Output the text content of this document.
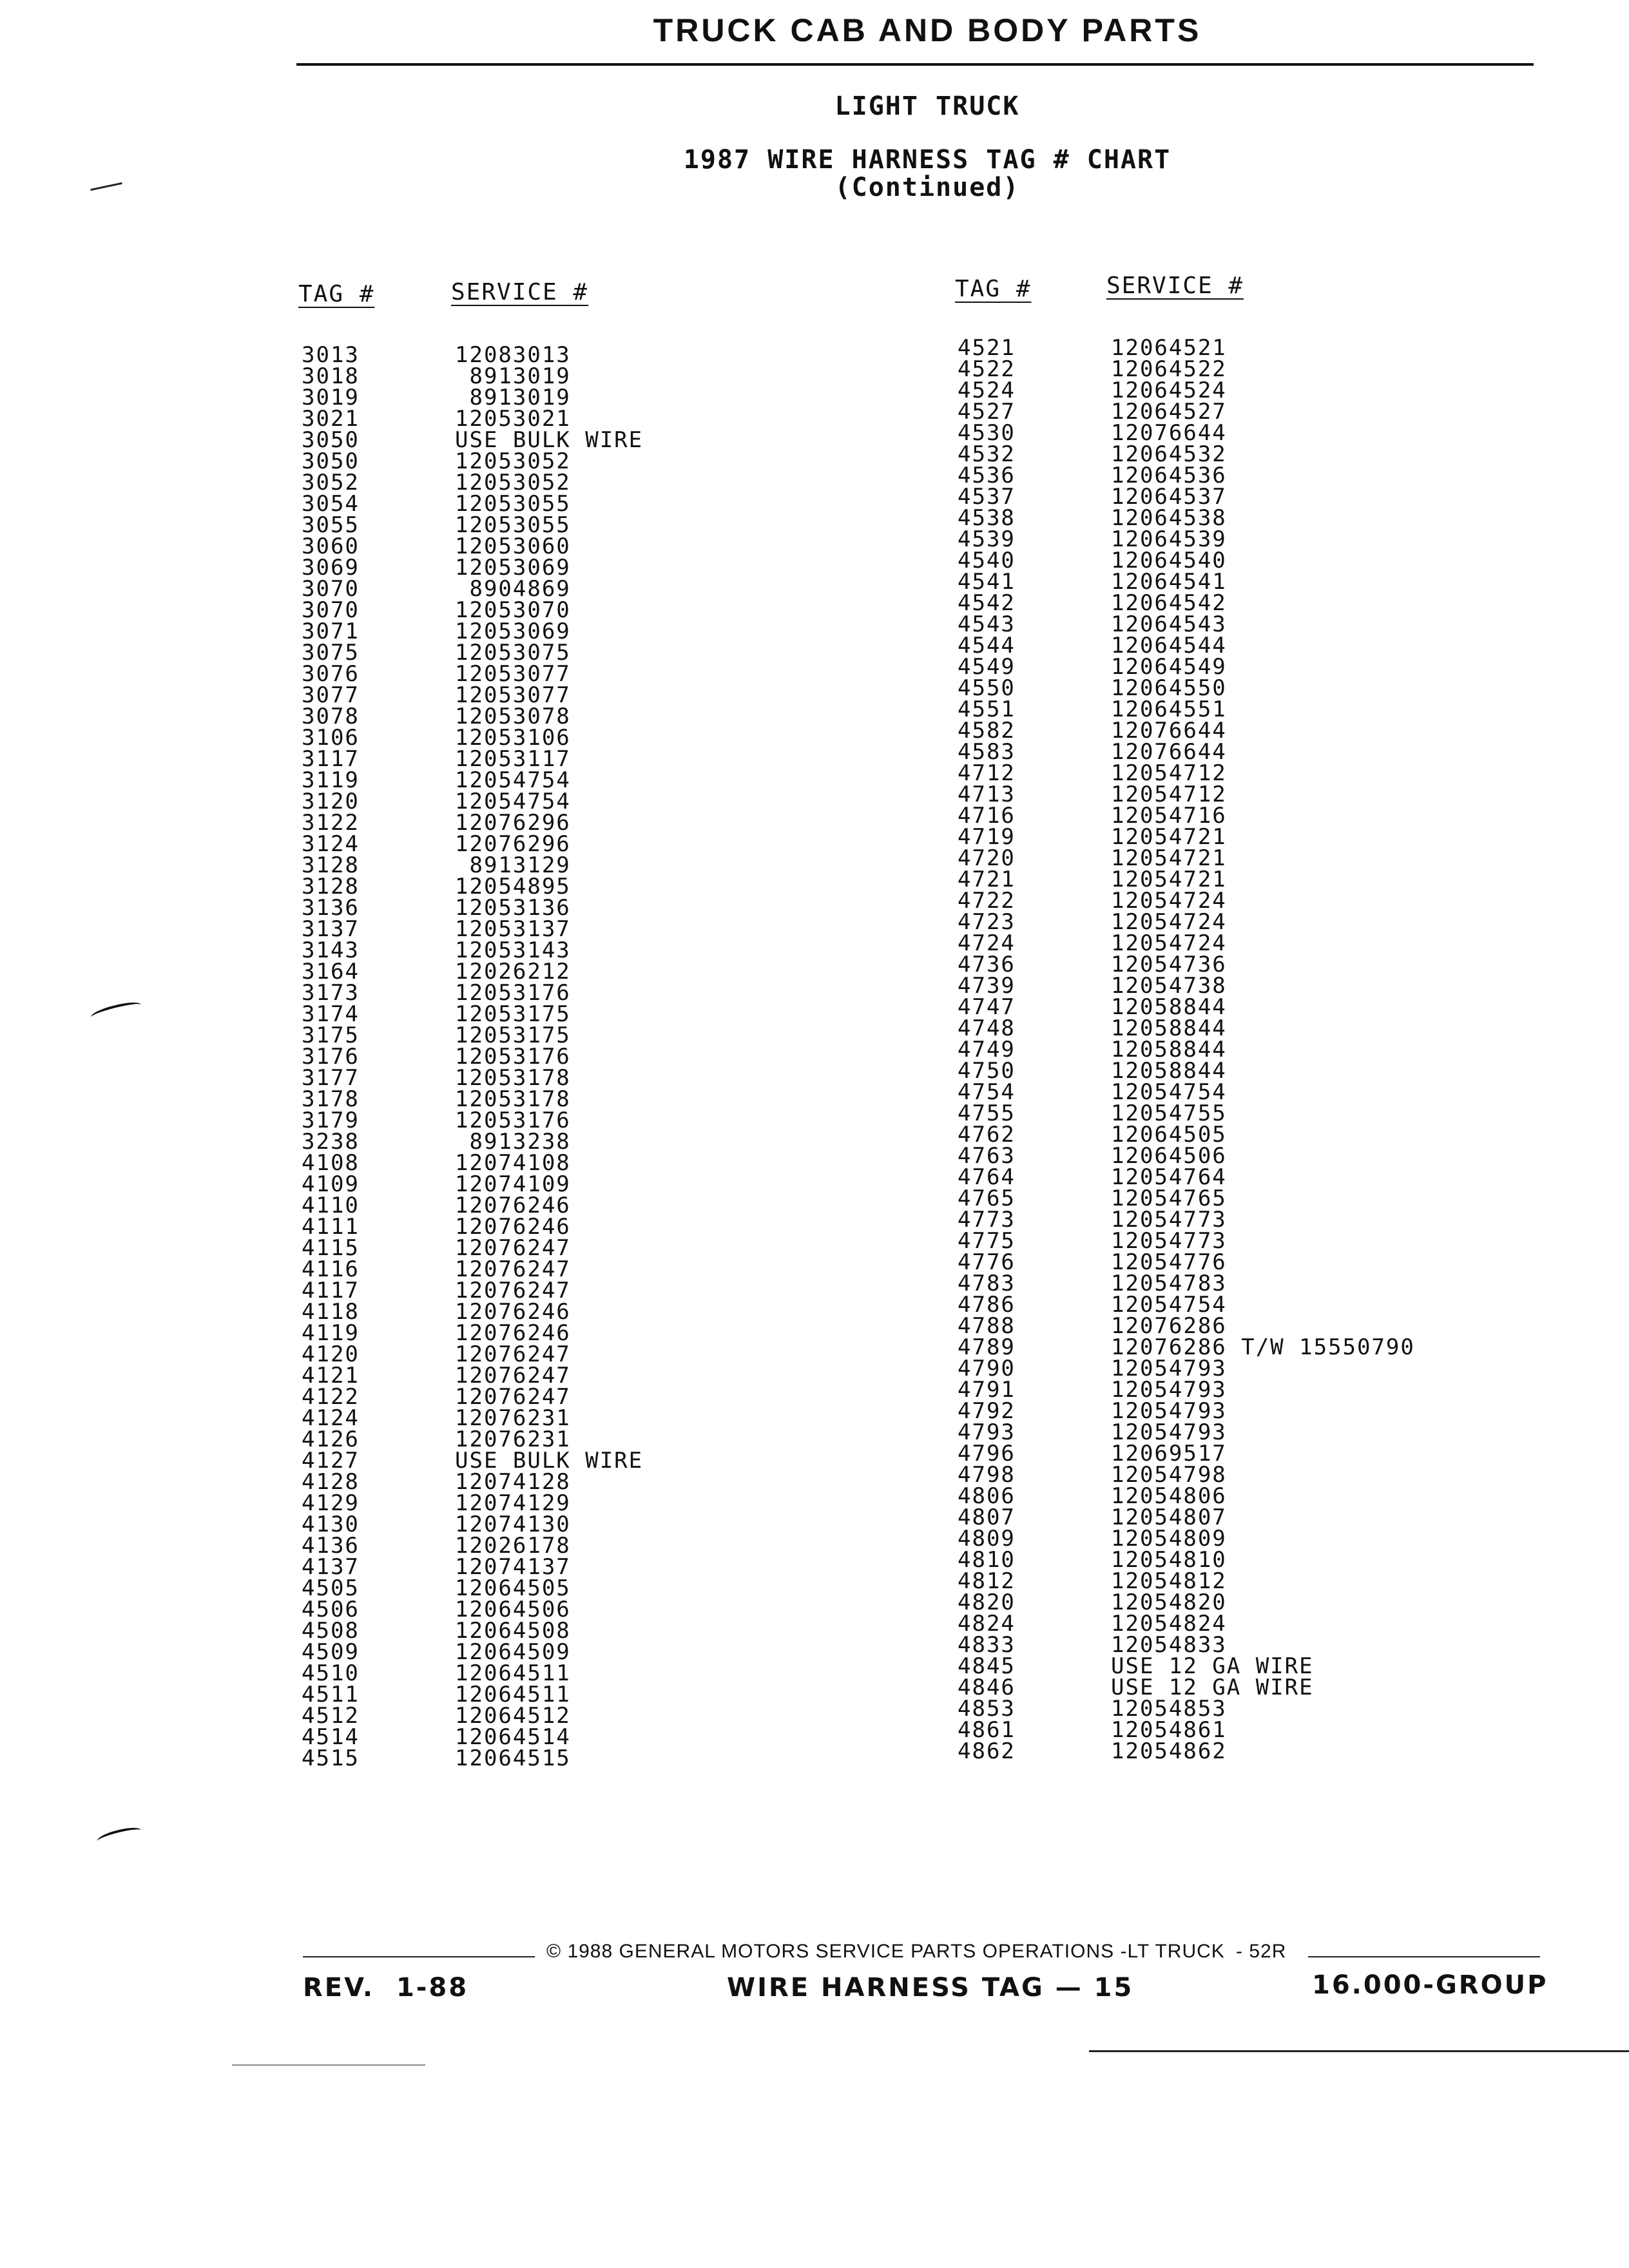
TRUCK CAB AND BODY PARTS
LIGHT TRUCK
1987 WIRE HARNESS TAG # CHART
(Continued)
TAG #	SERVICE #
3013	12083013
3018	8913019
3019	8913019
3021	12053021
3050	USE BULK WIRE
3050	12053052
3052	12053052
3054	12053055
3055	12053055
3060	12053060
3069	12053069
3070	8904869
3070	12053070
3071	12053069
3075	12053075
3076	12053077
3077	12053077
3078	12053078
3106	12053106
3117	12053117
3119	12054754
3120	12054754
3122	12076296
3124	12076296
3128	8913129
3128	12054895
3136	12053136
3137	12053137
3143	12053143
3164	12026212
3173	12053176
3174	12053175
3175	12053175
3176	12053176
3177	12053178
3178	12053178
3179	12053176
3238	8913238
4108	12074108
4109	12074109
4110	12076246
4111	12076246
4115	12076247
4116	12076247
4117	12076247
4118	12076246
4119	12076246
4120	12076247
4121	12076247
4122	12076247
4124	12076231
4126	12076231
4127	USE BULK WIRE
4128	12074128
4129	12074129
4130	12074130
4136	12026178
4137	12074137
4505	12064505
4506	12064506
4508	12064508
4509	12064509
4510	12064511
4511	12064511
4512	12064512
4514	12064514
4515	12064515
TAG #	SERVICE #
4521	12064521
4522	12064522
4524	12064524
4527	12064527
4530	12076644
4532	12064532
4536	12064536
4537	12064537
4538	12064538
4539	12064539
4540	12064540
4541	12064541
4542	12064542
4543	12064543
4544	12064544
4549	12064549
4550	12064550
4551	12064551
4582	12076644
4583	12076644
4712	12054712
4713	12054712
4716	12054716
4719	12054721
4720	12054721
4721	12054721
4722	12054724
4723	12054724
4724	12054724
4736	12054736
4739	12054738
4747	12058844
4748	12058844
4749	12058844
4750	12058844
4754	12054754
4755	12054755
4762	12064505
4763	12064506
4764	12054764
4765	12054765
4773	12054773
4775	12054773
4776	12054776
4783	12054783
4786	12054754
4788	12076286
4789	12076286 T/W 15550790
4790	12054793
4791	12054793
4792	12054793
4793	12054793
4796	12069517
4798	12054798
4806	12054806
4807	12054807
4809	12054809
4810	12054810
4812	12054812
4820	12054820
4824	12054824
4833	12054833
4845	USE 12 GA WIRE
4846	USE 12 GA WIRE
4853	12054853
4861	12054861
4862	12054862
© 1988 GENERAL MOTORS SERVICE PARTS OPERATIONS -LT TRUCK - 52R
REV.  1-88	WIRE HARNESS TAG — 15	16.000-GROUP
